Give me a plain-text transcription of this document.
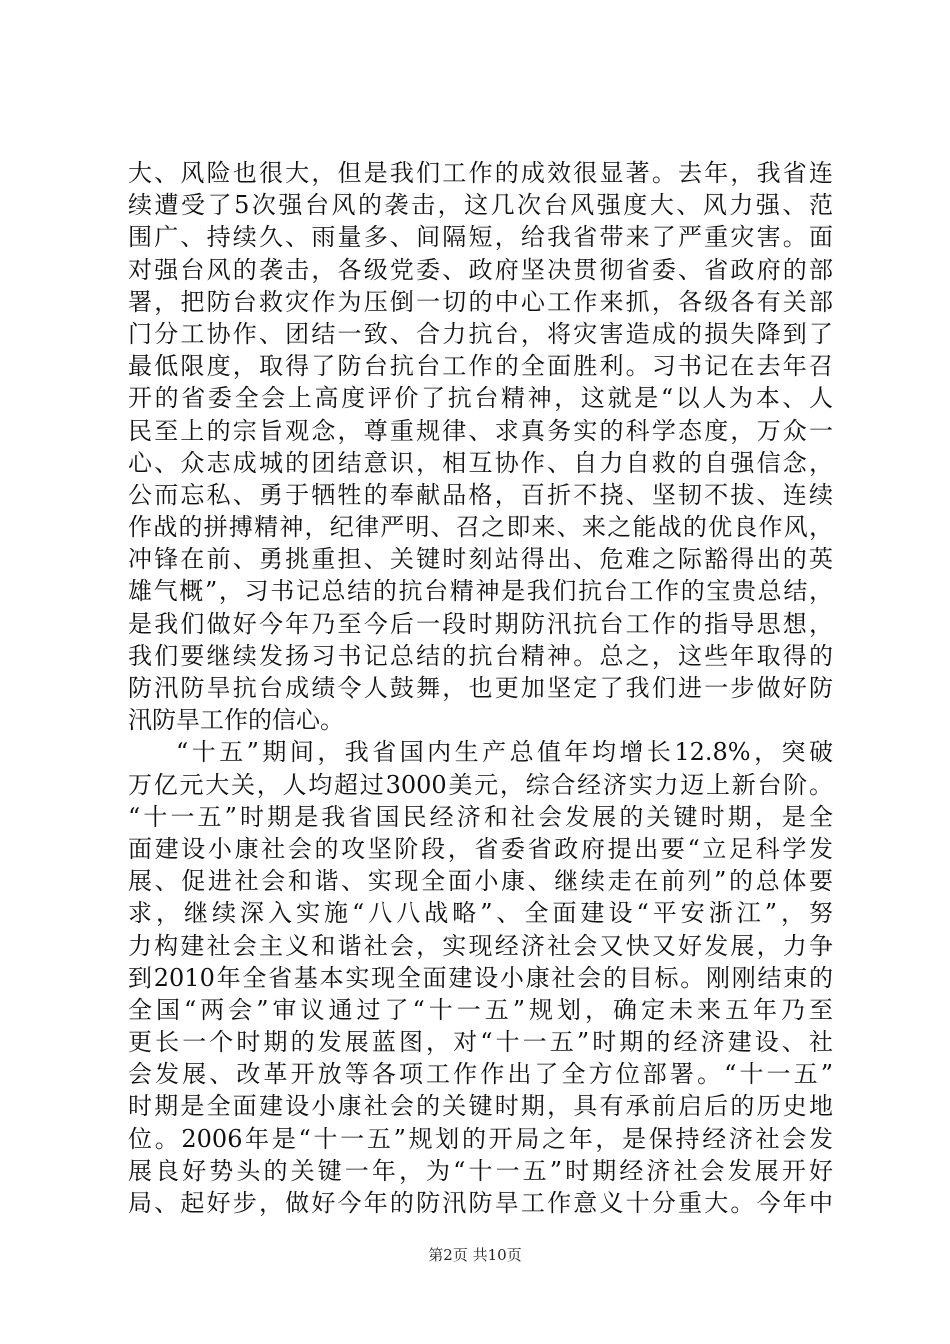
大、风险也很大，但是我们工作的成效很显著。去年，我省连
续遭受了5次强台风的袭击，这几次台风强度大、风力强、范
围广、持续久、雨量多、间隔短，给我省带来了严重灾害。面
对强台风的袭击，各级党委、政府坚决贯彻省委、省政府的部
署，把防台救灾作为压倒一切的中心工作来抓，各级各有关部
门分工协作、团结一致、合力抗台，将灾害造成的损失降到了
最低限度，取得了防台抗台工作的全面胜利。习书记在去年召
开的省委全会上高度评价了抗台精神，这就是“以人为本、人
民至上的宗旨观念，尊重规律、求真务实的科学态度，万众一
心、众志成城的团结意识，相互协作、自力自救的自强信念，
公而忘私、勇于牺牲的奉献品格，百折不挠、坚韧不拔、连续
作战的拼搏精神，纪律严明、召之即来、来之能战的优良作风，
冲锋在前、勇挑重担、关键时刻站得出、危难之际豁得出的英
雄气概”，习书记总结的抗台精神是我们抗台工作的宝贵总结，
是我们做好今年乃至今后一段时期防汛抗台工作的指导思想，
我们要继续发扬习书记总结的抗台精神。总之，这些年取得的
防汛防旱抗台成绩令人鼓舞，也更加坚定了我们进一步做好防
汛防旱工作的信心。
“十五”期间，我省国内生产总值年均增长12.8%，突破
万亿元大关，人均超过3000美元，综合经济实力迈上新台阶。
“十一五”时期是我省国民经济和社会发展的关键时期，是全
面建设小康社会的攻坚阶段，省委省政府提出要“立足科学发
展、促进社会和谐、实现全面小康、继续走在前列”的总体要
求，继续深入实施“八八战略”、全面建设“平安浙江”，努
力构建社会主义和谐社会，实现经济社会又快又好发展，力争
到2010年全省基本实现全面建设小康社会的目标。刚刚结束的
全国“两会”审议通过了“十一五”规划，确定未来五年乃至
更长一个时期的发展蓝图，对“十一五”时期的经济建设、社
会发展、改革开放等各项工作作出了全方位部署。“十一五”
时期是全面建设小康社会的关键时期，具有承前启后的历史地
位。2006年是“十一五”规划的开局之年，是保持经济社会发
展良好势头的关键一年，为“十一五”时期经济社会发展开好
局、起好步，做好今年的防汛防旱工作意义十分重大。今年中
第2页 共10页
